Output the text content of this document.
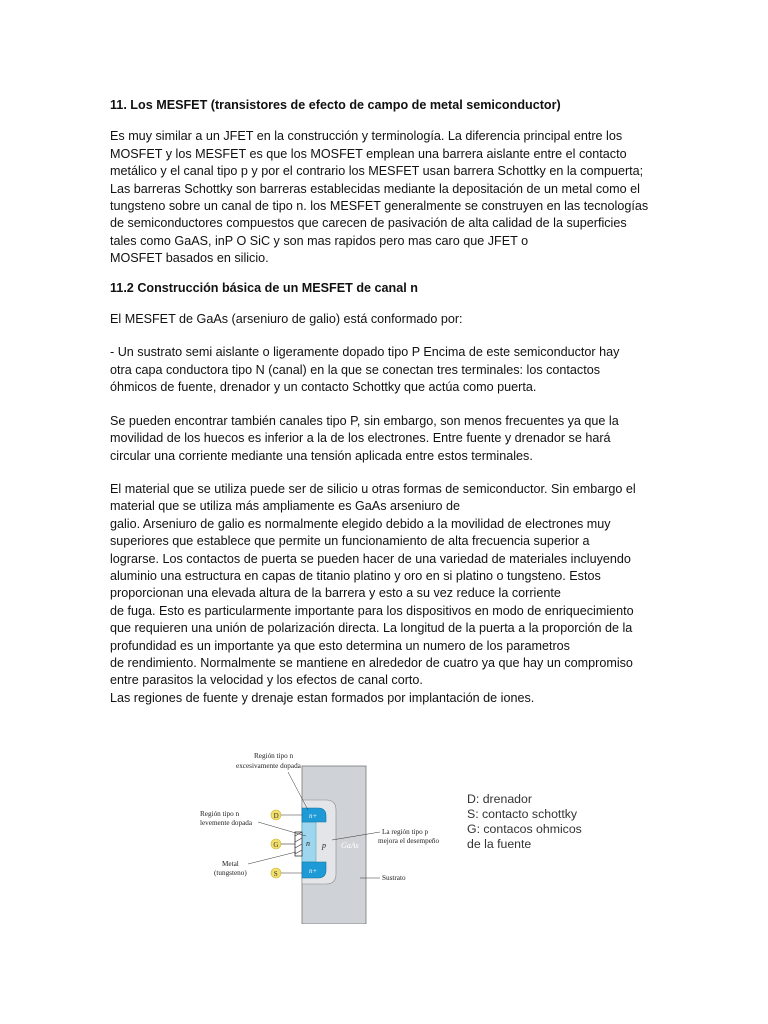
11. Los MESFET (transistores de efecto de campo de metal semiconductor)

Es muy similar a un JFET en la construcción y terminología. La diferencia principal entre los
MOSFET y los MESFET es que los MOSFET emplean una barrera aislante entre el contacto
metálico y el canal tipo p y por el contrario los MESFET usan barrera Schottky en la compuerta;
Las barreras Schottky son barreras establecidas mediante la depositación de un metal como el
tungsteno sobre un canal de tipo n. los MESFET generalmente se construyen en las tecnologías
de semiconductores compuestos que carecen de pasivación de alta calidad de la superficies
tales como GaAS, inP O SiC y son mas rapidos pero mas caro que JFET o
MOSFET basados en silicio.

11.2 Construcción básica de un MESFET de canal n

El MESFET de GaAs (arseniuro de galio) está conformado por:

- Un sustrato semi aislante o ligeramente dopado tipo P Encima de este semiconductor hay
otra capa conductora tipo N (canal) en la que se conectan tres terminales: los contactos
óhmicos de fuente, drenador y un contacto Schottky que actúa como puerta.

Se pueden encontrar también canales tipo P, sin embargo, son menos frecuentes ya que la
movilidad de los huecos es inferior a la de los electrones. Entre fuente y drenador se hará
circular una corriente mediante una tensión aplicada entre estos terminales.

El material que se utiliza puede ser de silicio u otras formas de semiconductor. Sin embargo el
material que se utiliza más ampliamente es GaAs arseniuro de
galio. Arseniuro de galio es normalmente elegido debido a la movilidad de electrones muy
superiores que establece que permite un funcionamiento de alta frecuencia superior a
lograrse. Los contactos de puerta se pueden hacer de una variedad de materiales incluyendo
aluminio una estructura en capas de titanio platino y oro en si platino o tungsteno. Estos
proporcionan una elevada altura de la barrera y esto a su vez reduce la corriente
de fuga. Esto es particularmente importante para los dispositivos en modo de enriquecimiento
que requieren una unión de polarización directa. La longitud de la puerta a la proporción de la
profundidad es un importante ya que esto determina un numero de los parametros
de rendimiento. Normalmente se mantiene en alrededor de cuatro ya que hay un compromiso
entre parasitos la velocidad y los efectos de canal corto.
Las regiones de fuente y drenaje estan formados por implantación de iones.

D
G
S
n+
n p
n+
GaAs
Región tipo n
excesivamente dopada
Región tipo n
levemente dopada
Metal
(tungsteno)
La región tipo p
mejora el desempeño
Sustrato
D: drenador
S: contacto schottky
G: contacos ohmicos
de la fuente
